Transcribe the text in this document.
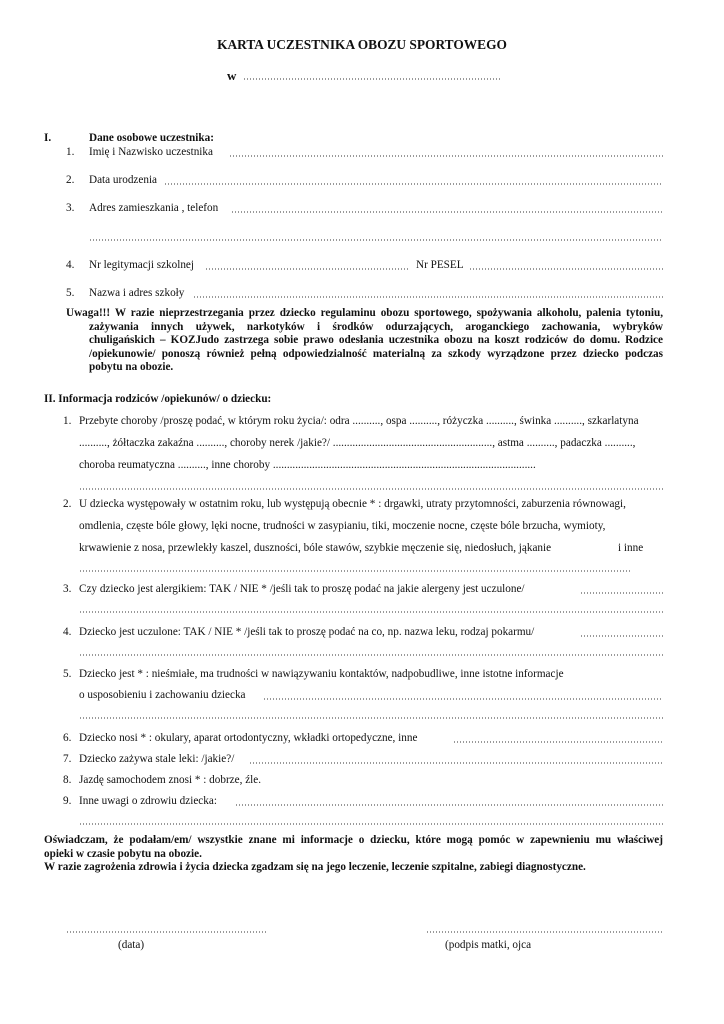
KARTA UCZESTNIKA OBOZU SPORTOWEGO
w
I.	Dane osobowe uczestnika:
1. Imię i Nazwisko uczestnika
2. Data urodzenia
3. Adres zamieszkania , telefon
4. Nr legitymacji szkolnej	Nr PESEL
5. Nazwa i adres szkoły
Uwaga!!! W razie nieprzestrzegania przez dziecko regulaminu obozu sportowego, spożywania alkoholu, palenia tytoniu,
zażywania innych używek, narkotyków i środków odurzających, aroganckiego zachowania, wybryków
chuligańskich – KOZJudo zastrzega sobie prawo odesłania uczestnika obozu na koszt rodziców do domu. Rodzice
/opiekunowie/ ponoszą również pełną odpowiedzialność materialną za szkody wyrządzone przez dziecko podczas
pobytu na obozie.
II. Informacja rodziców /opiekunów/ o dziecku:
1. Przebyte choroby /proszę podać, w którym roku życia/: odra .........., ospa .........., różyczka .........., świnka .........., szkarlatyna
.........., żółtaczka zakaźna .........., choroby nerek /jakie?/ ........................................................., astma .........., padaczka ..........,
choroba reumatyczna .........., inne choroby ..............................................................................................
2. U dziecka występowały w ostatnim roku, lub występują obecnie * : drgawki, utraty przytomności, zaburzenia równowagi,
omdlenia, częste bóle głowy, lęki nocne, trudności w zasypianiu, tiki, moczenie nocne, częste bóle brzucha, wymioty,
krwawienie z nosa, przewlekły kaszel, duszności, bóle stawów, szybkie męczenie się, niedosłuch, jąkanie	i inne
3. Czy dziecko jest alergikiem: TAK / NIE * /jeśli tak to proszę podać na jakie alergeny jest uczulone/
4. Dziecko jest uczulone: TAK / NIE * /jeśli tak to proszę podać na co, np. nazwa leku, rodzaj pokarmu/
5. Dziecko jest * : nieśmiałe, ma trudności w nawiązywaniu kontaktów, nadpobudliwe, inne istotne informacje
o usposobieniu i zachowaniu dziecka
6. Dziecko nosi * : okulary, aparat ortodontyczny, wkładki ortopedyczne, inne
7. Dziecko zażywa stale leki: /jakie?/
8. Jazdę samochodem znosi * : dobrze, źle.
9. Inne uwagi o zdrowiu dziecka:
Oświadczam, że podałam/em/ wszystkie znane mi informacje o dziecku, które mogą pomóc w zapewnieniu mu właściwej
opieki w czasie pobytu na obozie.
W razie zagrożenia zdrowia i życia dziecka zgadzam się na jego leczenie, leczenie szpitalne, zabiegi diagnostyczne.
(data)	(podpis matki, ojca
